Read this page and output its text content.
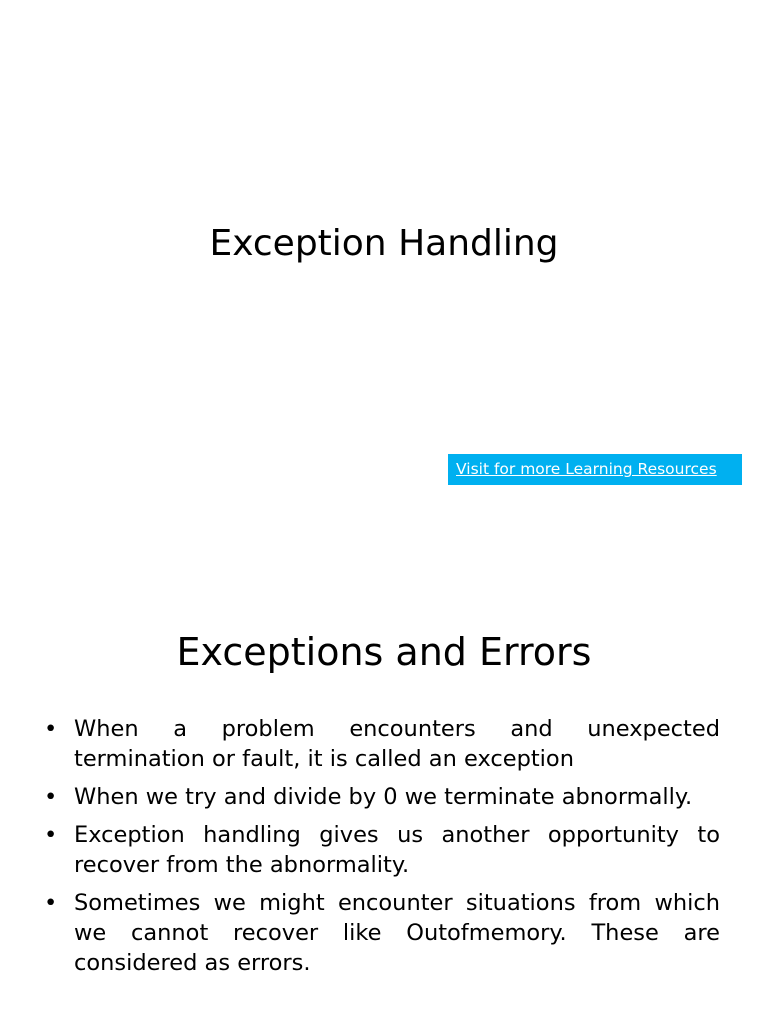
Exception Handling
Visit for more Learning Resources
Exceptions and Errors
• When a problem encounters and unexpected termination or fault, it is called an exception
• When we try and divide by 0 we terminate abnormally.
• Exception handling gives us another opportunity to recover from the abnormality.
• Sometimes we might encounter situations from which we cannot recover like Outofmemory. These are considered as errors.
